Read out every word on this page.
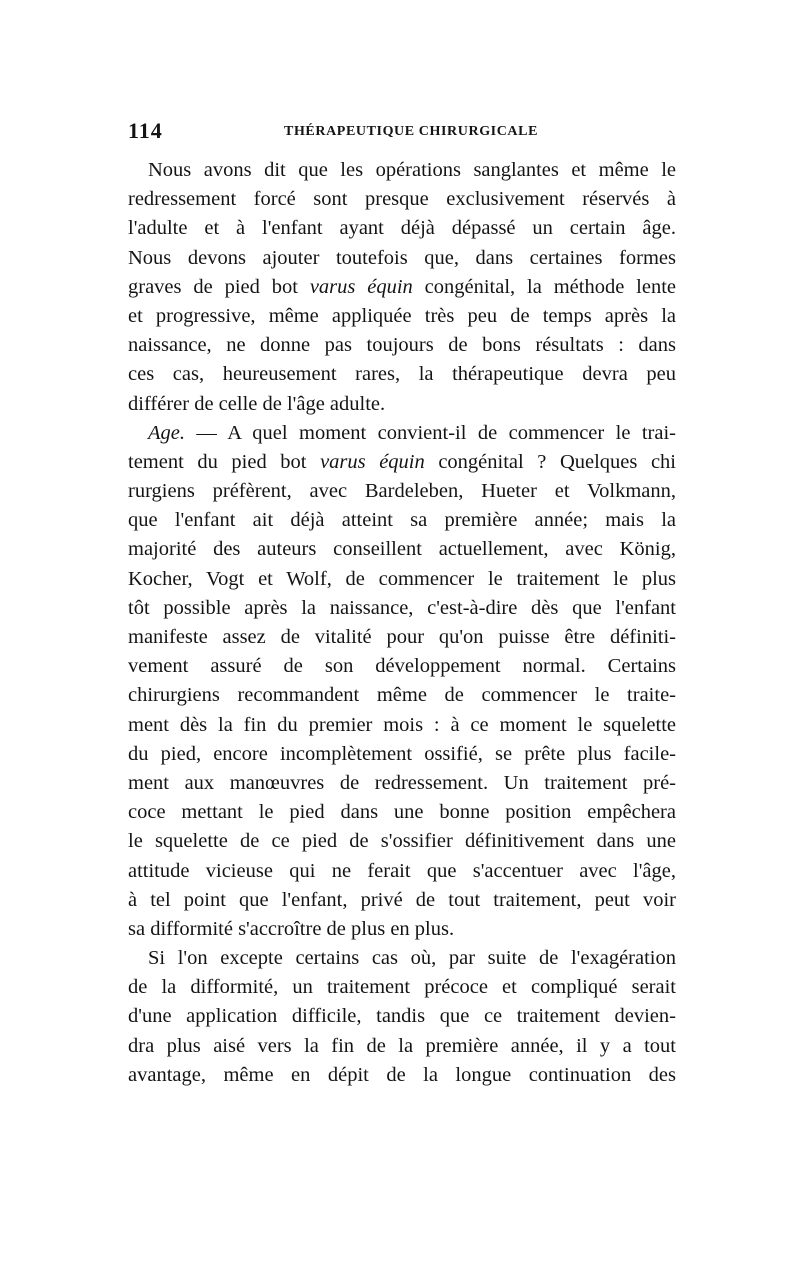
114	THÉRAPEUTIQUE CHIRURGICALE
Nous avons dit que les opérations sanglantes et même le
redressement forcé sont presque exclusivement réservés à
l'adulte et à l'enfant ayant déjà dépassé un certain âge.
Nous devons ajouter toutefois que, dans certaines formes
graves de pied bot varus équin congénital, la méthode lente
et progressive, même appliquée très peu de temps après la
naissance, ne donne pas toujours de bons résultats : dans
ces cas, heureusement rares, la thérapeutique devra peu
différer de celle de l'âge adulte.
Age. — A quel moment convient-il de commencer le trai-
tement du pied bot varus équin congénital ? Quelques chi
rurgiens préfèrent, avec Bardeleben, Hueter et Volkmann,
que l'enfant ait déjà atteint sa première année; mais la
majorité des auteurs conseillent actuellement, avec König,
Kocher, Vogt et Wolf, de commencer le traitement le plus
tôt possible après la naissance, c'est-à-dire dès que l'enfant
manifeste assez de vitalité pour qu'on puisse être définiti-
vement assuré de son développement normal. Certains
chirurgiens recommandent même de commencer le traite-
ment dès la fin du premier mois : à ce moment le squelette
du pied, encore incomplètement ossifié, se prête plus facile-
ment aux manœuvres de redressement. Un traitement pré-
coce mettant le pied dans une bonne position empêchera
le squelette de ce pied de s'ossifier définitivement dans une
attitude vicieuse qui ne ferait que s'accentuer avec l'âge,
à tel point que l'enfant, privé de tout traitement, peut voir
sa difformité s'accroître de plus en plus.
Si l'on excepte certains cas où, par suite de l'exagération
de la difformité, un traitement précoce et compliqué serait
d'une application difficile, tandis que ce traitement devien-
dra plus aisé vers la fin de la première année, il y a tout
avantage, même en dépit de la longue continuation des
